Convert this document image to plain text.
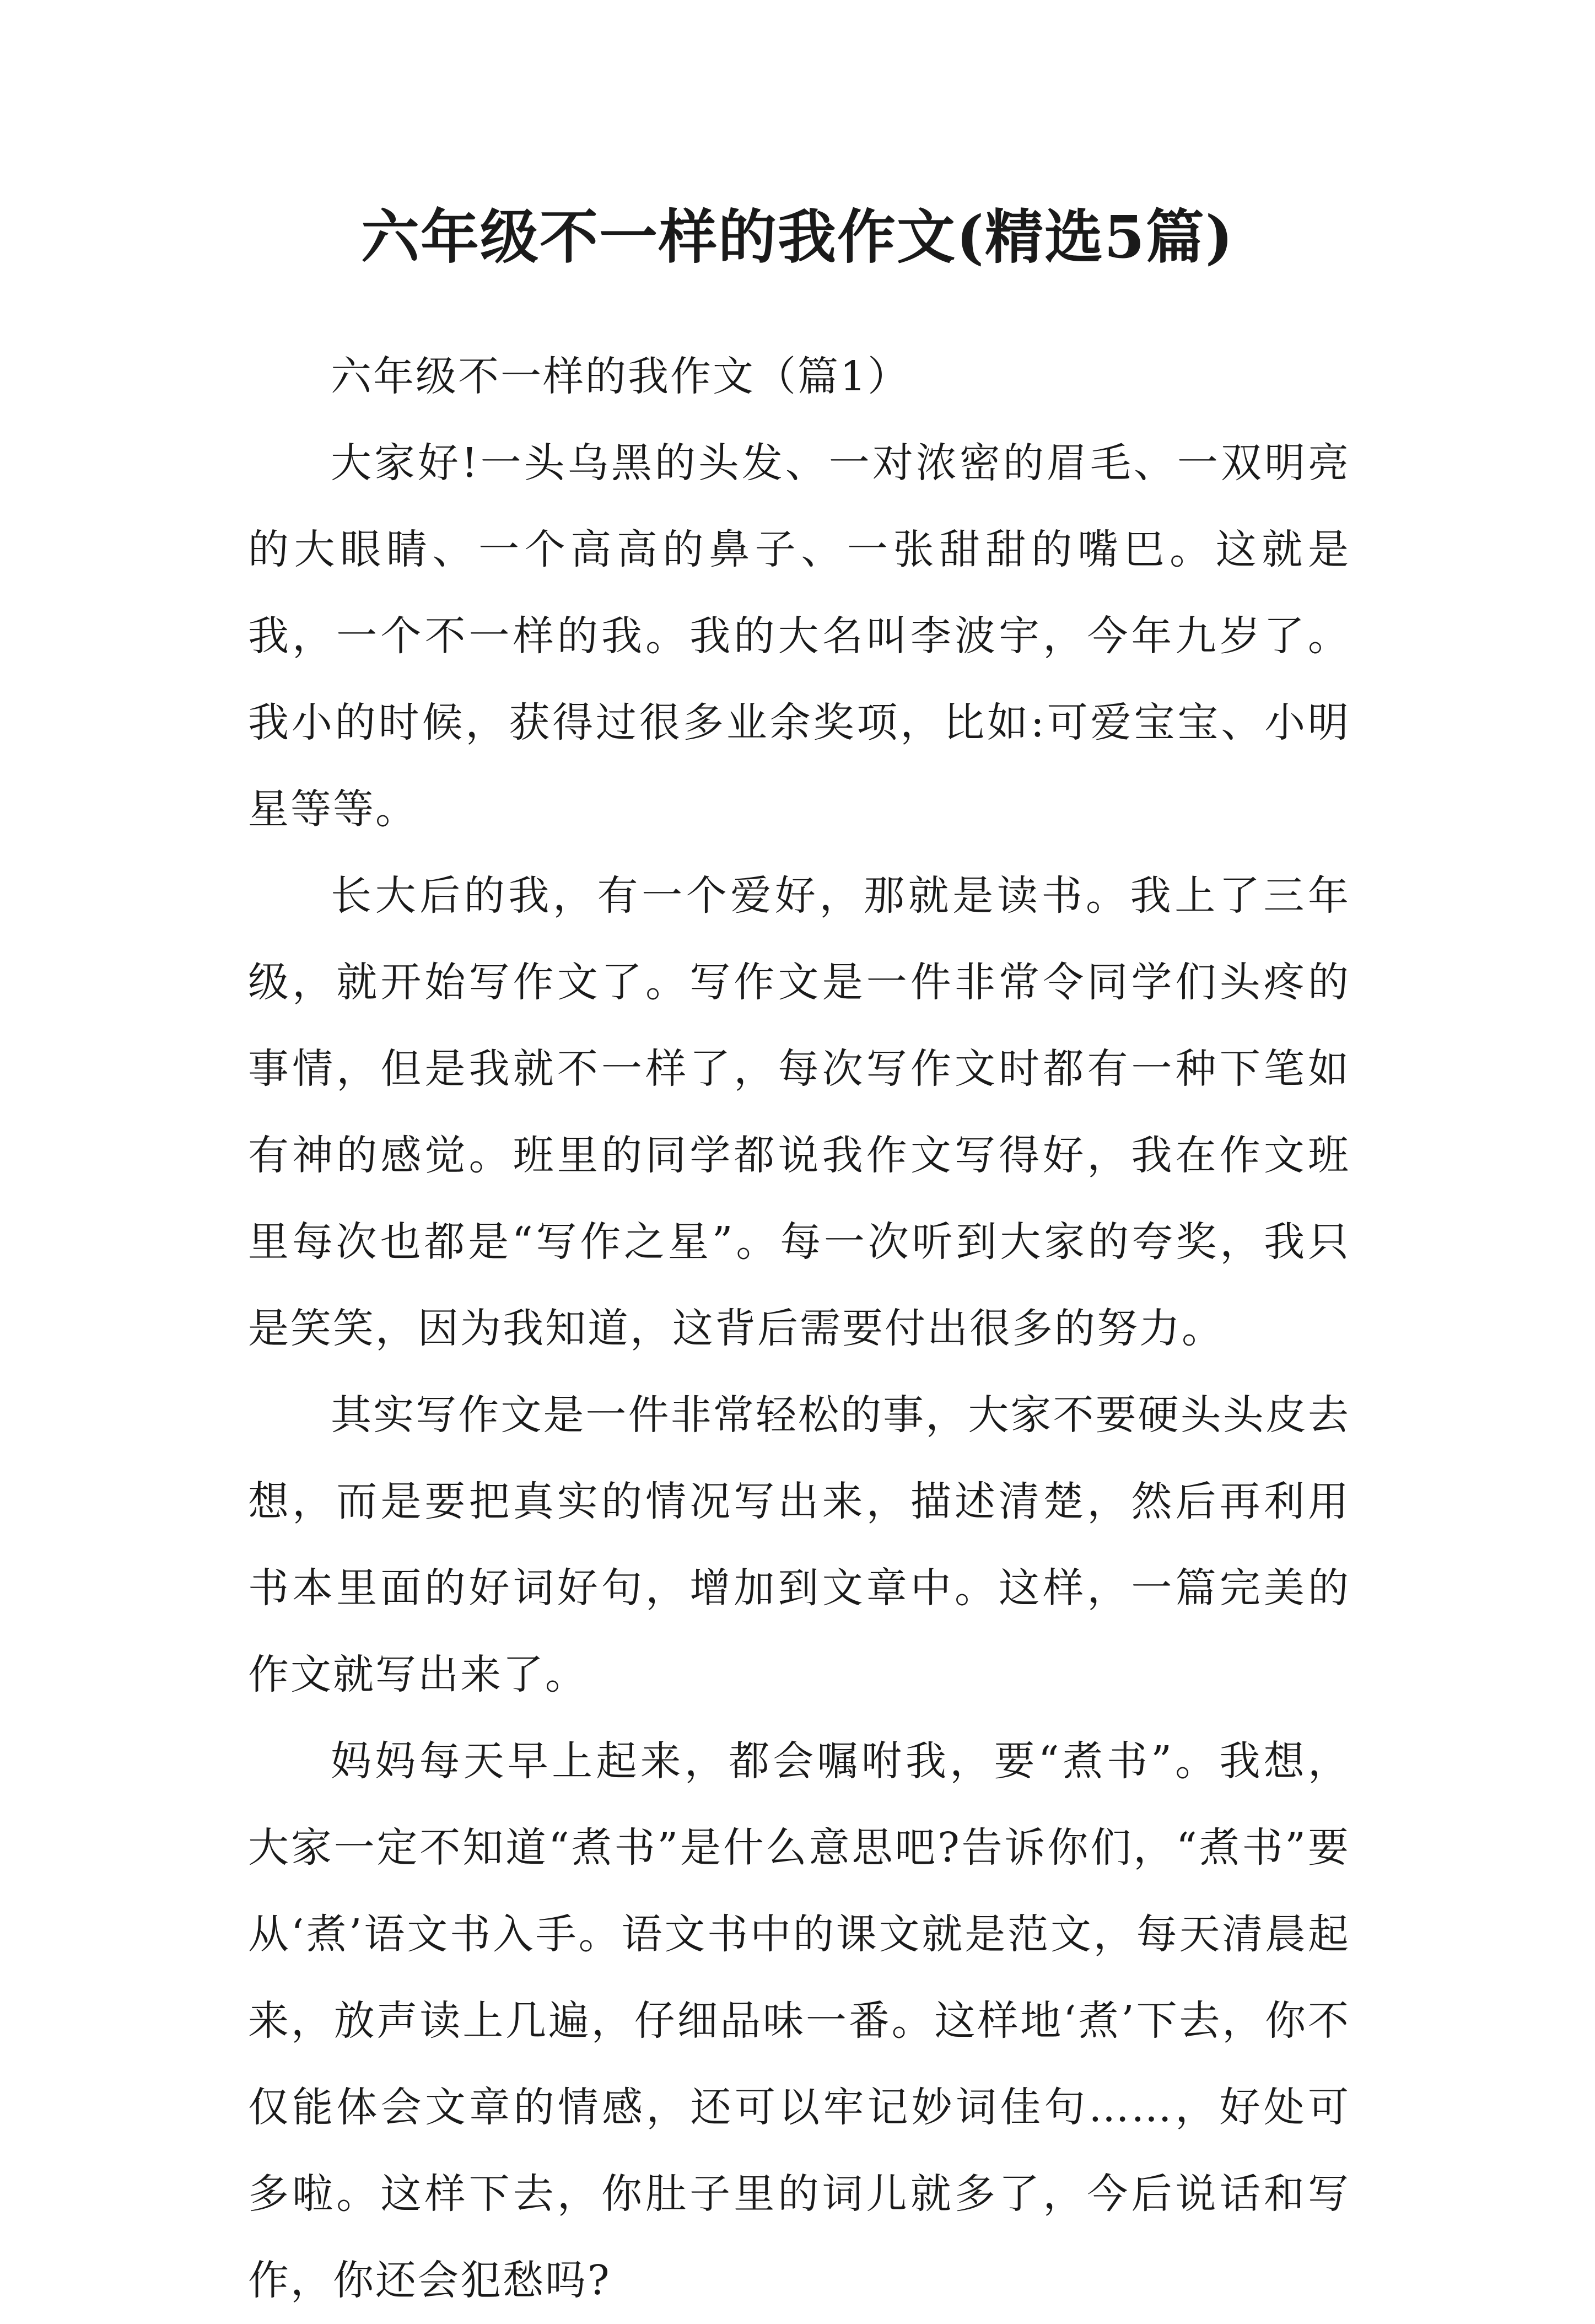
六年级不一样的我作文(精选5篇)

六年级不一样的我作文（篇1）

大家好!一头乌黑的头发、一对浓密的眉毛、一双明亮的大眼睛、一个高高的鼻子、一张甜甜的嘴巴。这就是我，一个不一样的我。我的大名叫李波宇，今年九岁了。我小的时候，获得过很多业余奖项，比如:可爱宝宝、小明星等等。

长大后的我，有一个爱好，那就是读书。我上了三年级，就开始写作文了。写作文是一件非常令同学们头疼的事情，但是我就不一样了，每次写作文时都有一种下笔如有神的感觉。班里的同学都说我作文写得好，我在作文班里每次也都是“写作之星”。每一次听到大家的夸奖，我只是笑笑，因为我知道，这背后需要付出很多的努力。

其实写作文是一件非常轻松的事，大家不要硬头头皮去想，而是要把真实的情况写出来，描述清楚，然后再利用书本里面的好词好句，增加到文章中。这样，一篇完美的作文就写出来了。

妈妈每天早上起来，都会嘱咐我，要“煮书”。我想，大家一定不知道“煮书”是什么意思吧?告诉你们，“煮书”要从‘煮’语文书入手。语文书中的课文就是范文，每天清晨起来，放声读上几遍，仔细品味一番。这样地‘煮’下去，你不仅能体会文章的情感，还可以牢记妙词佳句……，好处可多啦。这样下去，你肚子里的词儿就多了，今后说话和写作，你还会犯愁吗?
